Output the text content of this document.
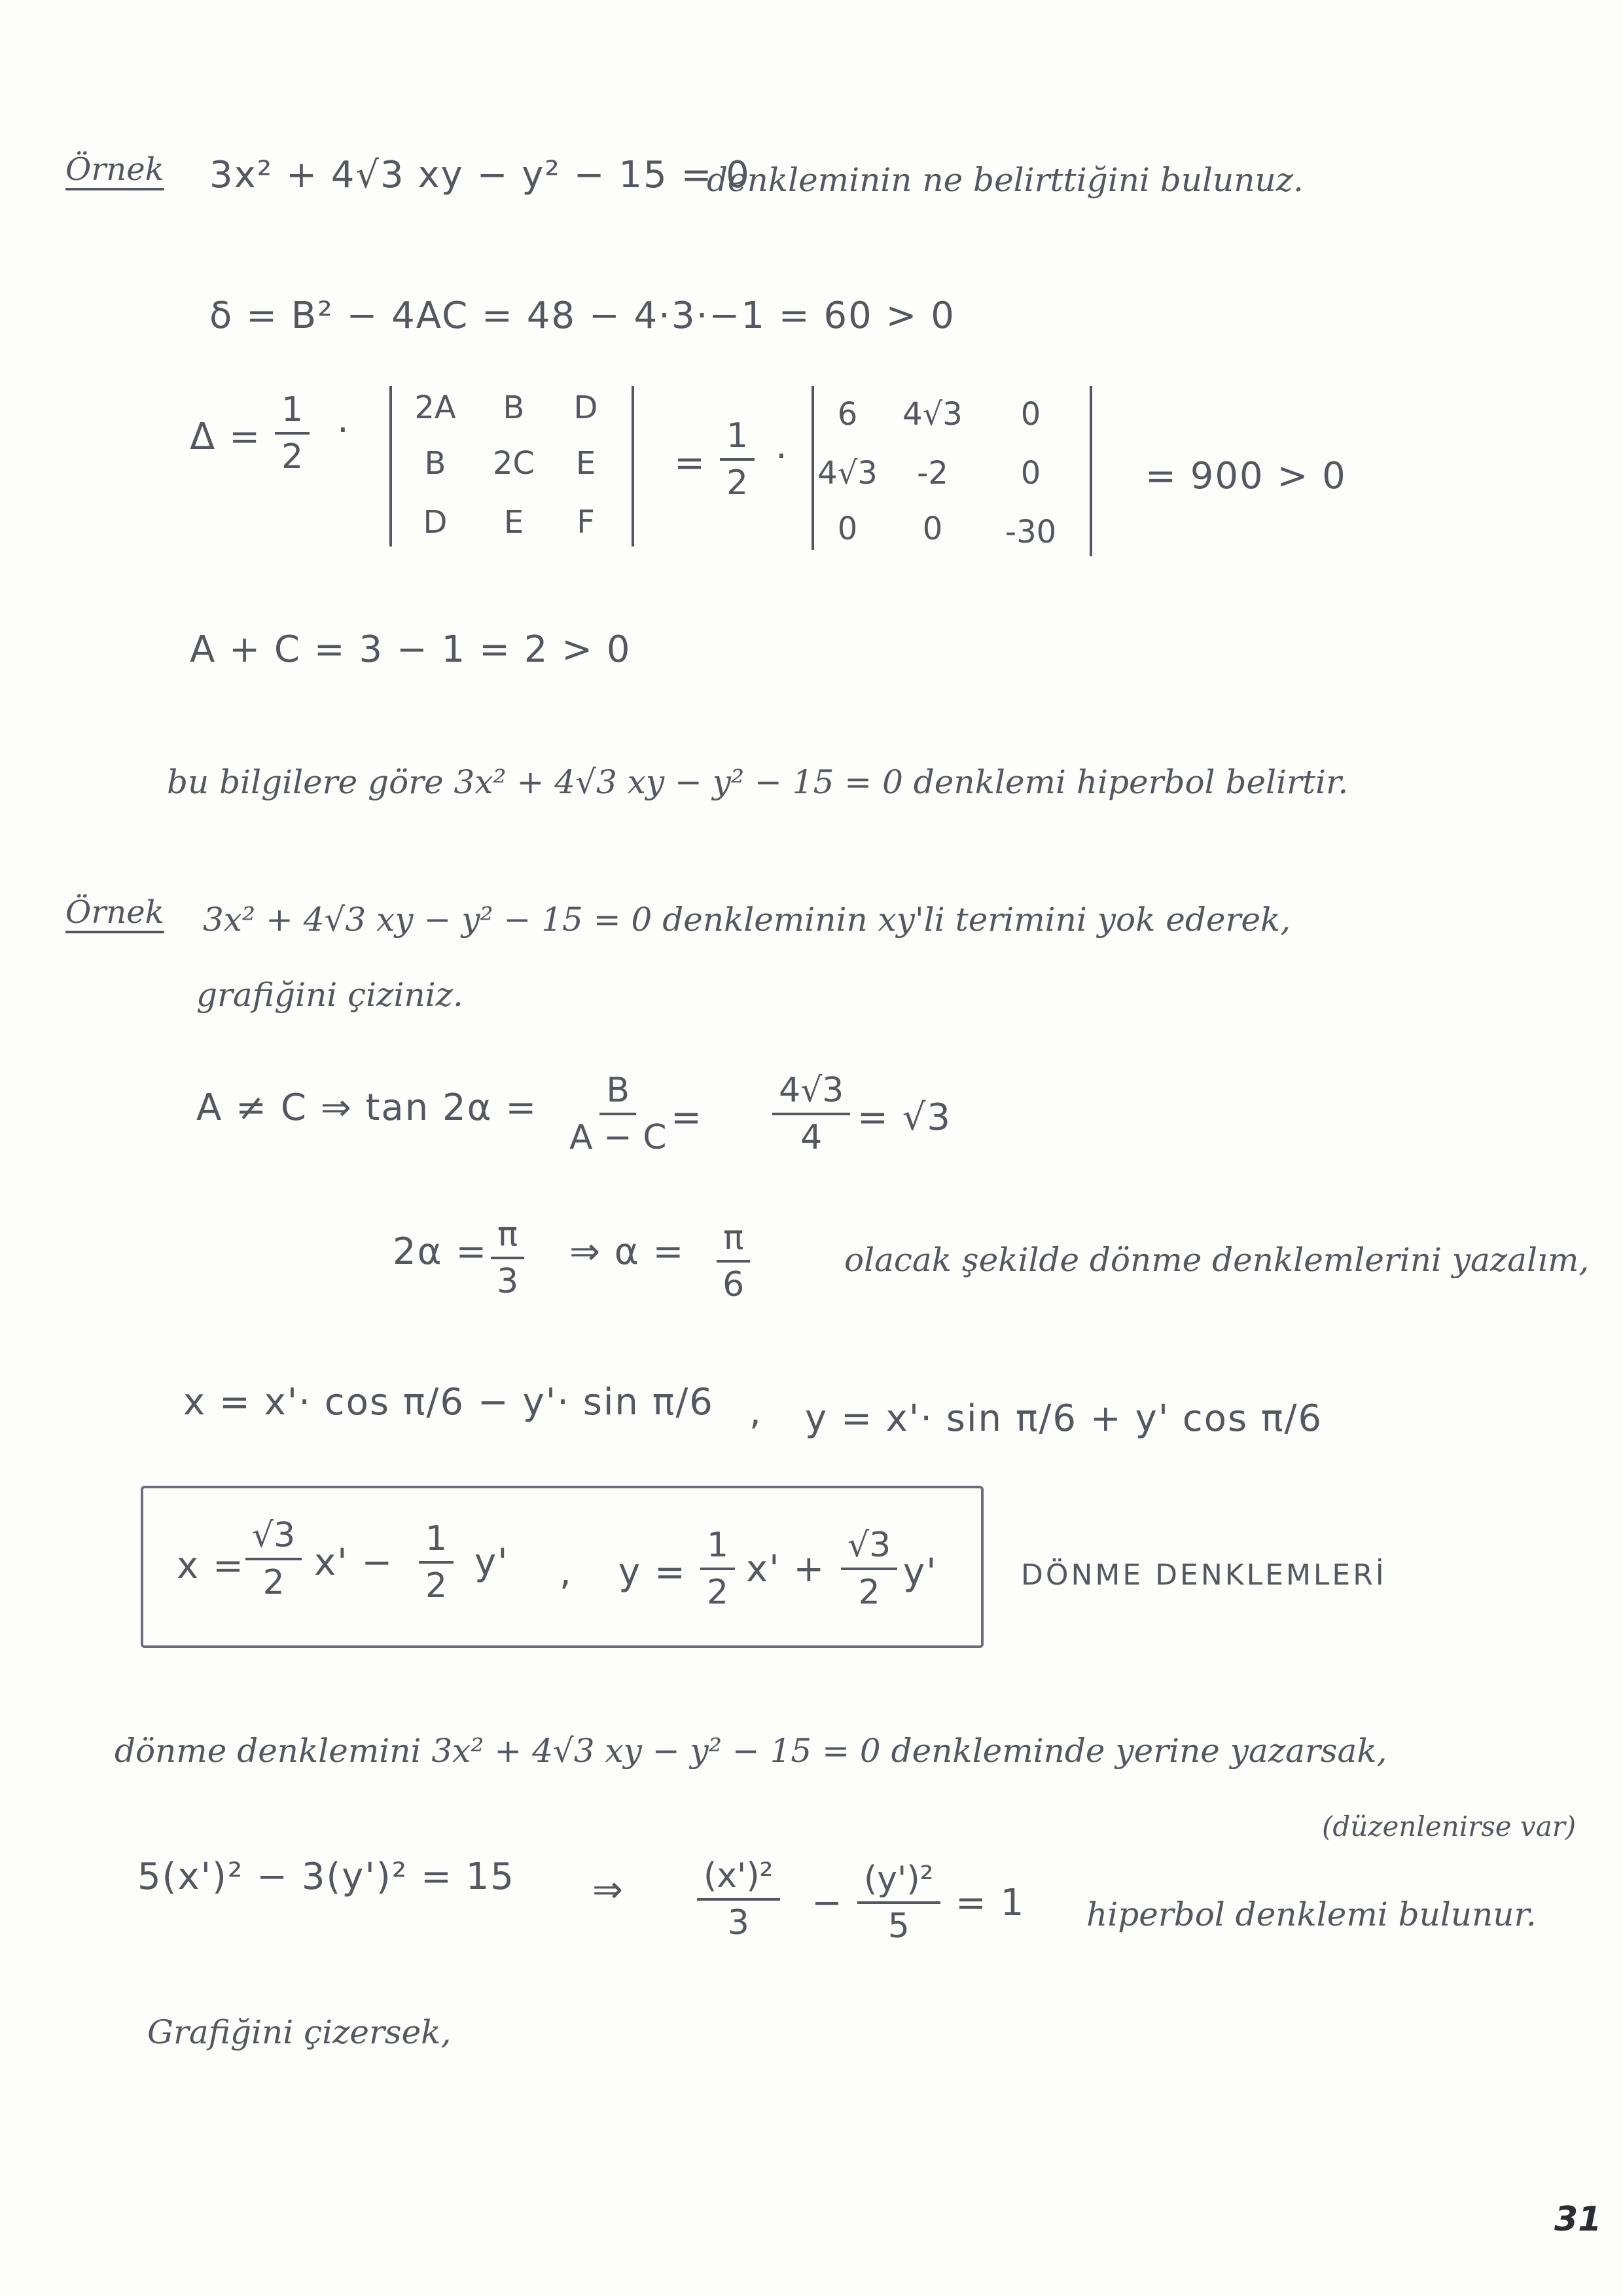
Örnek 3x² + 4√3 xy − y² − 15 = 0
denkleminin ne belirttiğini bulunuz.
δ = B² − 4AC = 48 − 4·3·−1 = 60 > 0
$\Delta = \frac{1}{2}$ ·
2A	B	D
B	2C	E
D	E	F
= $\frac{1}{2}$ ·
6	4√3	0
4√3	-2	0
0	0	-30
= 900 > 0
A + C = 3 − 1 = 2 > 0
bu bilgilere göre 3x² + 4√3 xy − y² − 15 = 0 denklemi hiperbol belirtir.
Örnek 3x² + 4√3 xy − y² − 15 = 0 denkleminin xy'li terimini yok ederek,
grafiğini çiziniz.
A ≠ C ⇒ $\tan 2\alpha = \frac{B}{A - C} = \frac{4√3}{4} = √3$
$2\alpha = \frac{\pi}{3}$ ⇒ $\alpha = \frac{\pi}{6}$	olacak şekilde dönme denklemlerini yazalım,
x = x'· cos π/6 − y'· sin π/6 , y = x'· sin π/6 + y' cos π/6
$x = \frac{√3}{2} x' - \frac{1}{2} y'$ , $y = \frac{1}{2} x' + \frac{√3}{2} y'$	DÖNME DENKLEMLERİ
dönme denklemini 3x² + 4√3 xy − y² − 15 = 0 denkleminde yerine yazarsak,
(düzenlenirse var)
5(x')² − 3(y')² = 15 ⇒ $\frac{\text{(x')²}}{3} - \frac{\text{(y')²}}{5} = 1$ hiperbol denklemi bulunur.
Grafiğini çizersek,
31
